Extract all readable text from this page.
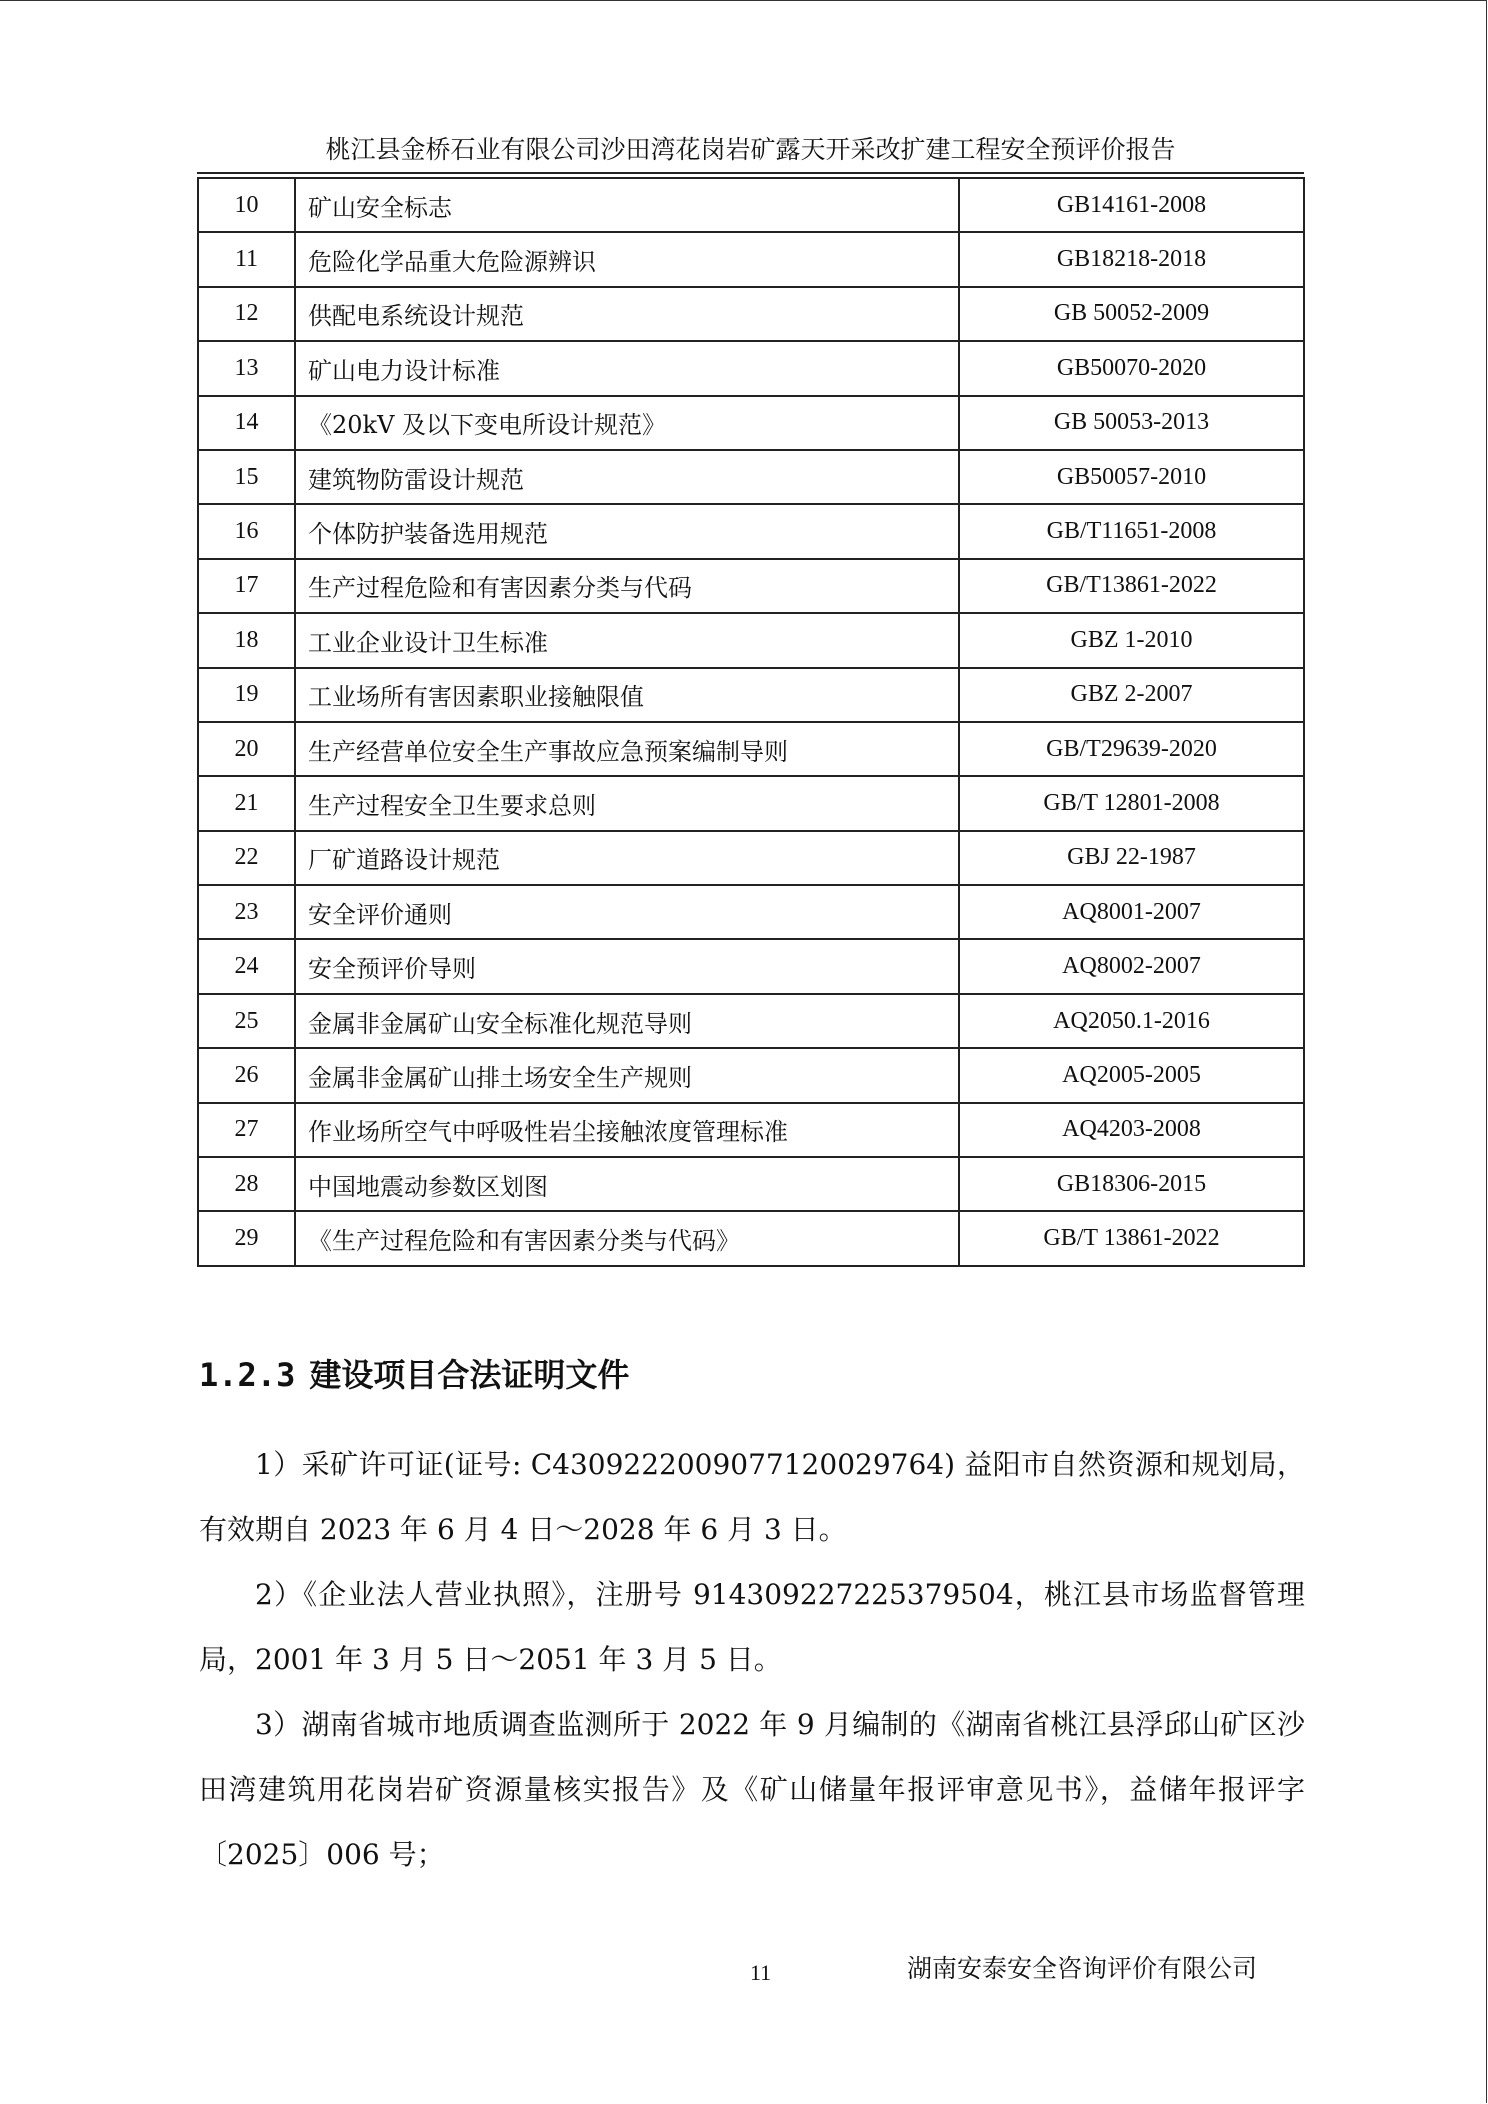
桃江县金桥石业有限公司沙田湾花岗岩矿露天开采改扩建工程安全预评价报告
10	矿山安全标志	GB14161-2008
11	危险化学品重大危险源辨识	GB18218-2018
12	供配电系统设计规范	GB 50052-2009
13	矿山电力设计标准	GB50070-2020
14	《20kV 及以下变电所设计规范》	GB 50053-2013
15	建筑物防雷设计规范	GB50057-2010
16	个体防护装备选用规范	GB/T11651-2008
17	生产过程危险和有害因素分类与代码	GB/T13861-2022
18	工业企业设计卫生标准	GBZ 1-2010
19	工业场所有害因素职业接触限值	GBZ 2-2007
20	生产经营单位安全生产事故应急预案编制导则	GB/T29639-2020
21	生产过程安全卫生要求总则	GB/T 12801-2008
22	厂矿道路设计规范	GBJ 22-1987
23	安全评价通则	AQ8001-2007
24	安全预评价导则	AQ8002-2007
25	金属非金属矿山安全标准化规范导则	AQ2050.1-2016
26	金属非金属矿山排土场安全生产规则	AQ2005-2005
27	作业场所空气中呼吸性岩尘接触浓度管理标准	AQ4203-2008
28	中国地震动参数区划图	GB18306-2015
29	《生产过程危险和有害因素分类与代码》	GB/T 13861-2022
1.2.3 建设项目合法证明文件

1）采矿许可证(证号: C4309222009077120029764) 益阳市自然资源和规划局，有效期自 2023 年 6 月 4 日～2028 年 6 月 3 日。

2）《企业法人营业执照》，注册号 914309227225379504，桃江县市场监督管理局，2001 年 3 月 5 日～2051 年 3 月 5 日。

3）湖南省城市地质调查监测所于 2022 年 9 月编制的《湖南省桃江县浮邱山矿区沙田湾建筑用花岗岩矿资源量核实报告》及《矿山储量年报评审意见书》，益储年报评字〔2025〕006 号；

11	湖南安泰安全咨询评价有限公司
